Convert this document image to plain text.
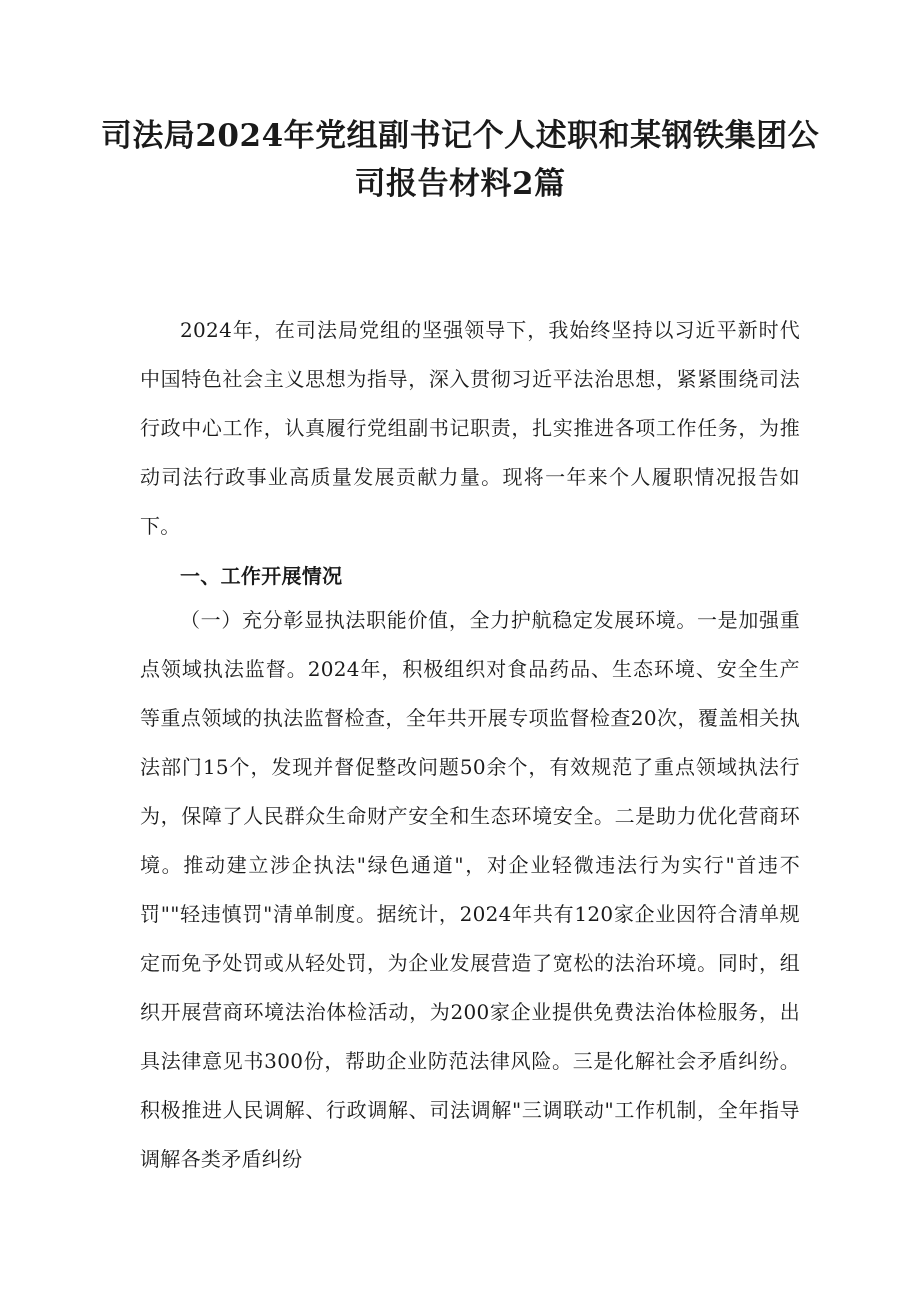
司法局2024年党组副书记个人述职和某钢铁集团公司报告材料2篇

2024年，在司法局党组的坚强领导下，我始终坚持以习近平新时代中国特色社会主义思想为指导，深入贯彻习近平法治思想，紧紧围绕司法行政中心工作，认真履行党组副书记职责，扎实推进各项工作任务，为推动司法行政事业高质量发展贡献力量。现将一年来个人履职情况报告如下。

一、工作开展情况

（一）充分彰显执法职能价值，全力护航稳定发展环境。一是加强重点领域执法监督。2024年，积极组织对食品药品、生态环境、安全生产等重点领域的执法监督检查，全年共开展专项监督检查20次，覆盖相关执法部门15个，发现并督促整改问题50余个，有效规范了重点领域执法行为，保障了人民群众生命财产安全和生态环境安全。二是助力优化营商环境。推动建立涉企执法"绿色通道"，对企业轻微违法行为实行"首违不罚""轻违慎罚"清单制度。据统计，2024年共有120家企业因符合清单规定而免予处罚或从轻处罚，为企业发展营造了宽松的法治环境。同时，组织开展营商环境法治体检活动，为200家企业提供免费法治体检服务，出具法律意见书300份，帮助企业防范法律风险。三是化解社会矛盾纠纷。积极推进人民调解、行政调解、司法调解"三调联动"工作机制，全年指导调解各类矛盾纠纷
